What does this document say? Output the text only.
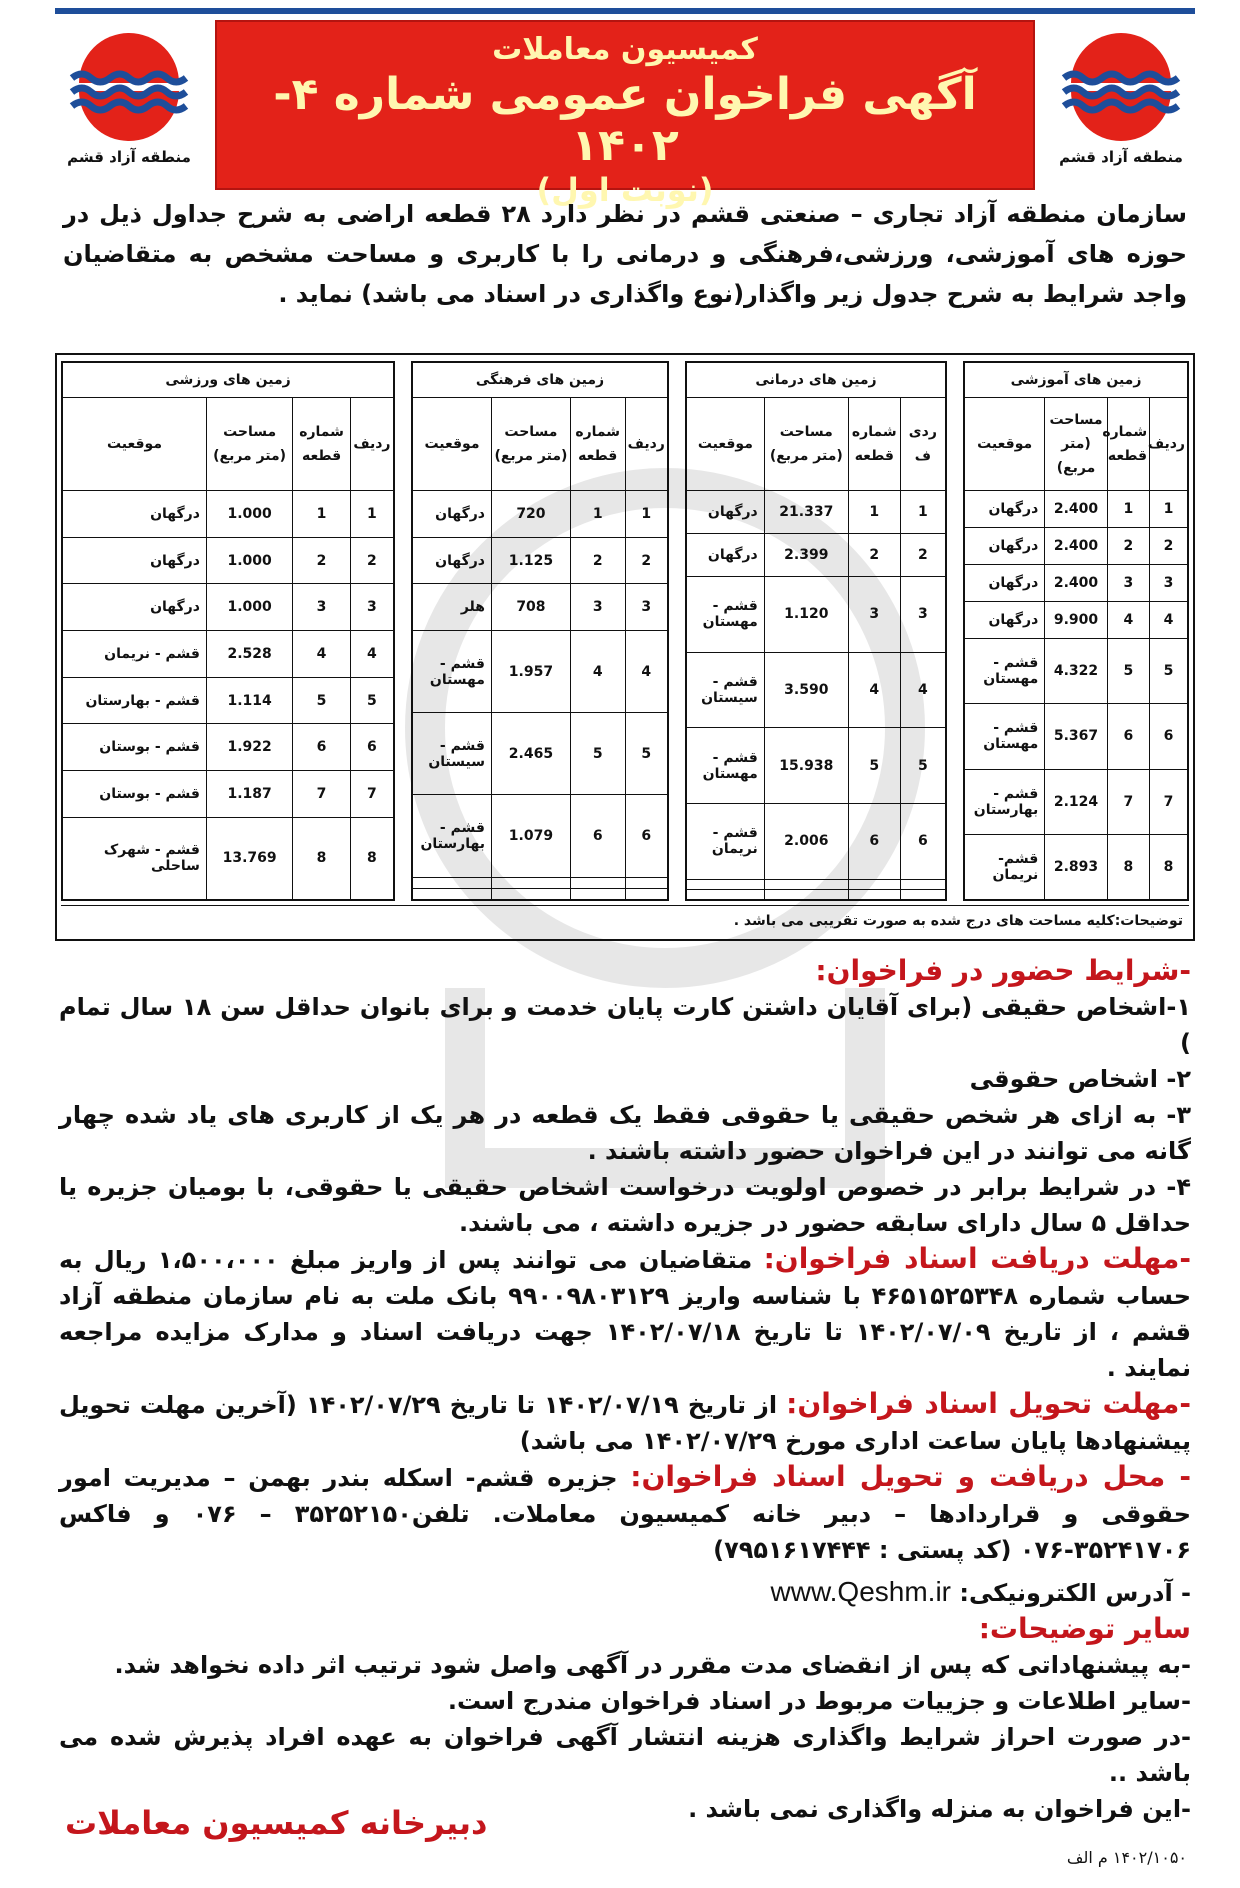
منطقه آزاد قشم
منطقه آزاد قشم
کمیسیون معاملات
آگهی فراخوان عمومی شماره ۴- ۱۴۰۲
(نوبت اول)
سازمان منطقه آزاد تجاری – صنعتی قشم در نظر دارد ۲۸ قطعه اراضی به شرح جداول ذیل در حوزه های آموزشی، ورزشی،فرهنگی و درمانی را با کاربری و مساحت مشخص به متقاضیان واجد شرایط به شرح جدول زیر واگذار(نوع واگذاری در اسناد می باشد) نماید .
زمین های آموزشی			
ردیف	شماره قطعه	مساحت (متر مربع)	موقعیت
1	1	2.400	درگهان
2	2	2.400	درگهان
3	3	2.400	درگهان
4	4	9.900	درگهان
5	5	4.322	قشم - مهستان
6	6	5.367	قشم - مهستان
7	7	2.124	قشم - بهارستان
8	8	2.893	قشم- نریمان
زمین های درمانی			
ردی ف	شماره قطعه	مساحت (متر مربع)	موقعیت
1	1	21.337	درگهان
2	2	2.399	درگهان
3	3	1.120	قشم - مهستان
4	4	3.590	قشم - سیستان
5	5	15.938	قشم - مهستان
6	6	2.006	قشم - نریمان

زمین های فرهنگی			
ردیف	شماره قطعه	مساحت (متر مربع)	موقعیت
1	1	720	درگهان
2	2	1.125	درگهان
3	3	708	هلر
4	4	1.957	قشم - مهستان
5	5	2.465	قشم - سیستان
6	6	1.079	قشم - بهارستان

زمین های ورزشی			
ردیف	شماره قطعه	مساحت (متر مربع)	موقعیت
1	1	1.000	درگهان
2	2	1.000	درگهان
3	3	1.000	درگهان
4	4	2.528	قشم - نریمان
5	5	1.114	قشم - بهارستان
6	6	1.922	قشم - بوستان
7	7	1.187	قشم - بوستان
8	8	13.769	قشم - شهرک ساحلی
توضیحات:کلیه مساحت های درج شده به صورت تقریبی می باشد .

-شرایط حضور در فراخوان:

۱-اشخاص حقیقی (برای آقایان داشتن کارت پایان خدمت و برای بانوان حداقل سن ۱۸ سال تمام )

۲- اشخاص حقوقی

۳- به ازای هر شخص حقیقی یا حقوقی فقط یک قطعه در هر یک از کاربری های یاد شده چهار گانه می توانند در این فراخوان حضور داشته باشند .

۴- در شرایط برابر در خصوص اولویت درخواست اشخاص حقیقی یا حقوقی، با بومیان جزیره یا حداقل ۵ سال دارای سابقه حضور در جزیره داشته ، می باشند.

-مهلت دریافت اسناد فراخوان: متقاضیان می توانند پس از واریز مبلغ ۱،۵۰۰،۰۰۰ ریال به حساب شماره ۴۶۵۱۵۲۵۳۴۸ با شناسه واریز ۹۹۰۰۹۸۰۳۱۲۹ بانک ملت به نام سازمان منطقه آزاد قشم ، از تاریخ ۱۴۰۲/۰۷/۰۹ تا تاریخ ۱۴۰۲/۰۷/۱۸ جهت دریافت اسناد و مدارک مزایده مراجعه نمایند .

-مهلت تحویل اسناد فراخوان: از تاریخ ۱۴۰۲/۰۷/۱۹ تا تاریخ ۱۴۰۲/۰۷/۲۹ (آخرین مهلت تحویل پیشنهادها پایان ساعت اداری مورخ ۱۴۰۲/۰۷/۲۹ می باشد)

- محل دریافت و تحویل اسناد فراخوان: جزیره قشم- اسکله بندر بهمن – مدیریت امور حقوقی و قراردادها – دبیر خانه کمیسیون معاملات. تلفن۳۵۲۵۲۱۵۰ – ۰۷۶ و فاکس ۳۵۲۴۱۷۰۶-۰۷۶ (کد پستی : ۷۹۵۱۶۱۷۴۴۴)

- آدرس الکترونیکی: www.Qeshm.ir

سایر توضیحات:

-به پیشنهاداتی که پس از انقضای مدت مقرر در آگهی واصل شود ترتیب اثر داده نخواهد شد.

-سایر اطلاعات و جزییات مربوط در اسناد فراخوان مندرج است.

-در صورت احراز شرایط واگذاری هزینه انتشار آگهی فراخوان به عهده افراد پذیرش شده می باشد ..

-این فراخوان به منزله واگذاری نمی باشد .

دبیرخانه کمیسیون معاملات
۱۴۰۲/۱۰۵۰ م الف
